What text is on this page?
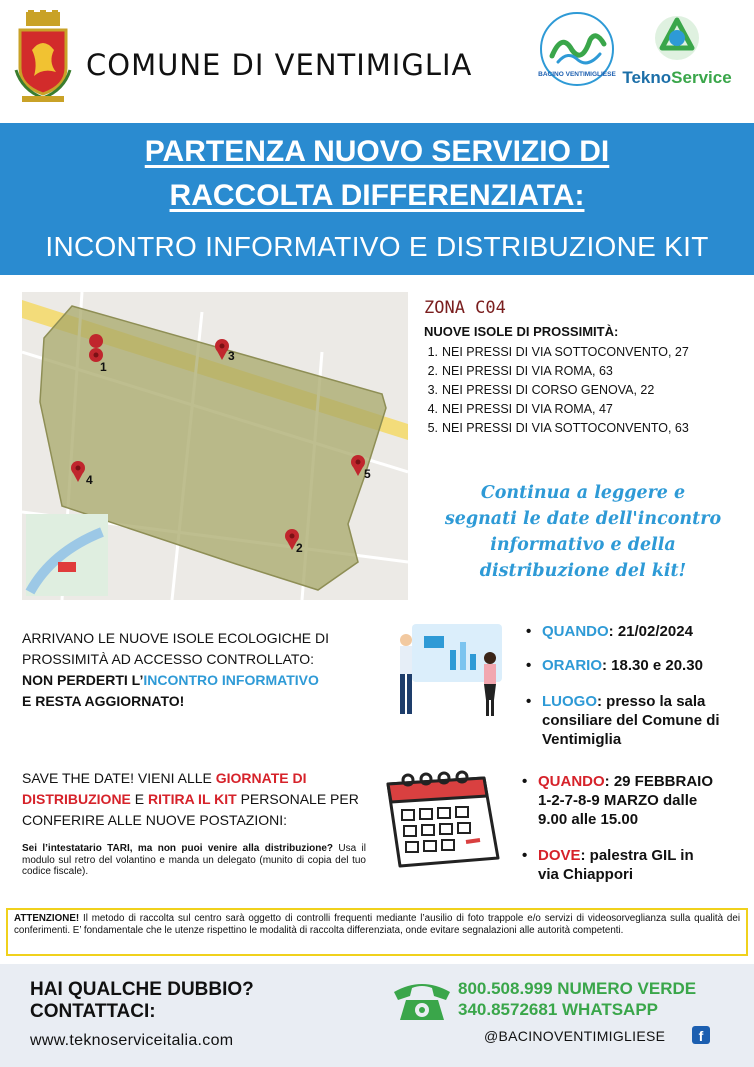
COMUNE DI VENTIMIGLIA	BACINO VENTIMIGLIESE TeknoService
PARTENZA NUOVO SERVIZIO DI
RACCOLTA DIFFERENZIATA:
INCONTRO INFORMATIVO E DISTRIBUZIONE KIT
1
2
3
4	5
ZONA C04
NUOVE ISOLE DI PROSSIMITÀ:
1. NEI PRESSI DI VIA SOTTOCONVENTO, 27
2. NEI PRESSI DI VIA ROMA, 63
3. NEI PRESSI DI CORSO GENOVA, 22
4. NEI PRESSI DI VIA ROMA, 47
5. NEI PRESSI DI VIA SOTTOCONVENTO, 63
Continua a leggere e
segnati le date dell'incontro
informativo e della
distribuzione del kit!
ARRIVANO LE NUOVE ISOLE ECOLOGICHE DI PROSSIMITÀ AD ACCESSO CONTROLLATO:
NON PERDERTI L’INCONTRO INFORMATIVO
E RESTA AGGIORNATO!
• QUANDO: 21/02/2024
• ORARIO: 18.30 e 20.30
• LUOGO: presso la sala consiliare del Comune di Ventimiglia
SAVE THE DATE! VIENI ALLE GIORNATE DI DISTRIBUZIONE E RITIRA IL KIT PERSONALE PER CONFERIRE ALLE NUOVE POSTAZIONI:
Sei l’intestatario TARI, ma non puoi venire alla distribuzione? Usa il modulo sul retro del volantino e manda un delegato (munito di copia del tuo codice fiscale).
• QUANDO: 29 FEBBRAIO
1-2-7-8-9 MARZO dalle
9.00 alle 15.00
• DOVE: palestra GIL in
via Chiappori
ATTENZIONE! Il metodo di raccolta sul centro sarà oggetto di controlli frequenti mediante l’ausilio di foto trappole e/o servizi di videosorveglianza sulla qualità dei conferimenti. E’ fondamentale che le utenze rispettino le modalità di raccolta differenziata, onde evitare segnalazioni alle autorità competenti.
HAI QUALCHE DUBBIO?
CONTATTACI:
www.teknoserviceitalia.com
800.508.999 NUMERO VERDE
340.8572681 WHATSAPP
@BACINOVENTIMIGLIESE	f
